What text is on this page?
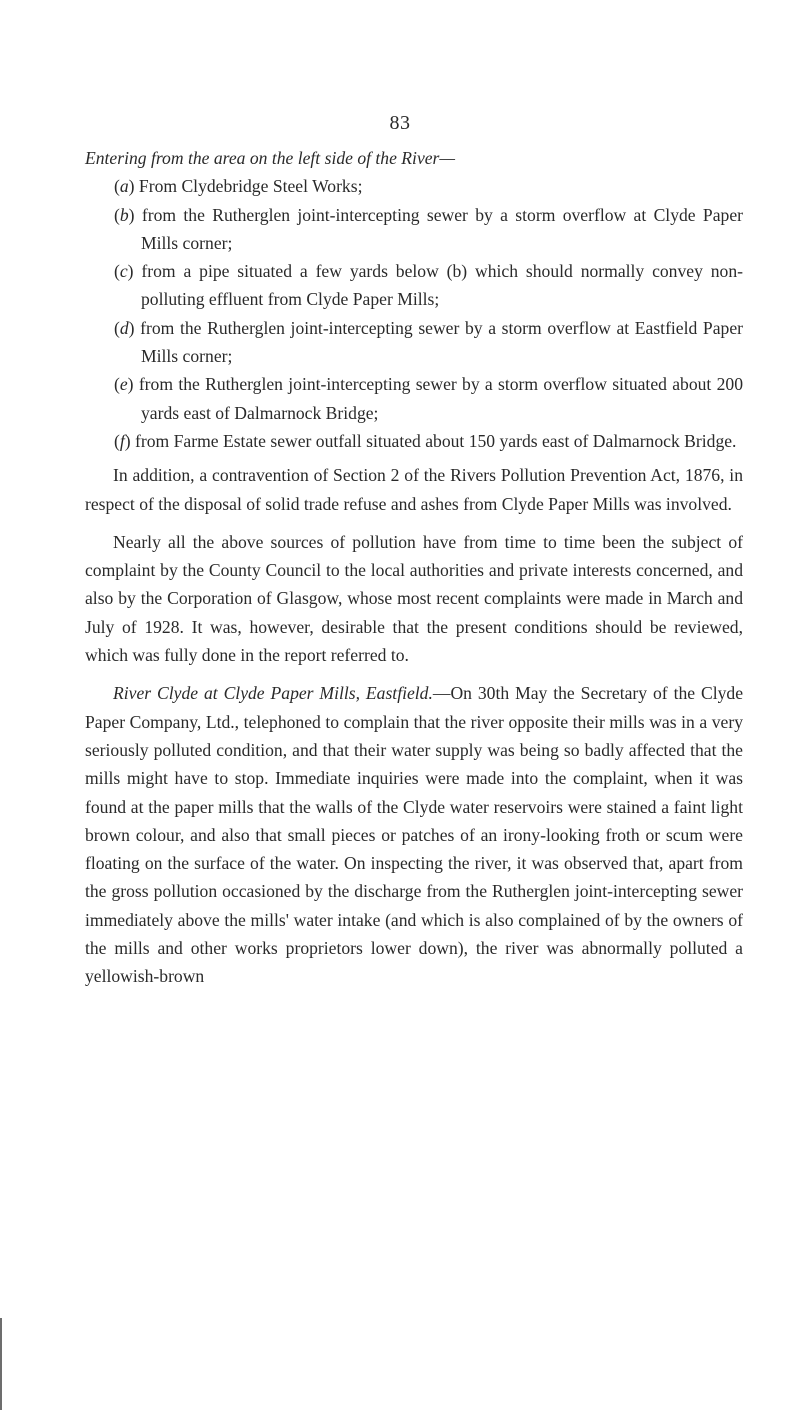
83

Entering from the area on the left side of the River—

(a) From Clydebridge Steel Works;
(b) from the Rutherglen joint-intercepting sewer by a storm overflow at Clyde Paper Mills corner;
(c) from a pipe situated a few yards below (b) which should normally convey non-polluting effluent from Clyde Paper Mills;
(d) from the Rutherglen joint-intercepting sewer by a storm overflow at Eastfield Paper Mills corner;
(e) from the Rutherglen joint-intercepting sewer by a storm overflow situated about 200 yards east of Dalmarnock Bridge;
(f) from Farme Estate sewer outfall situated about 150 yards east of Dalmarnock Bridge.

In addition, a contravention of Section 2 of the Rivers Pollution Prevention Act, 1876, in respect of the disposal of solid trade refuse and ashes from Clyde Paper Mills was involved.

Nearly all the above sources of pollution have from time to time been the subject of complaint by the County Council to the local authorities and private interests concerned, and also by the Corporation of Glasgow, whose most recent complaints were made in March and July of 1928. It was, however, desirable that the present conditions should be reviewed, which was fully done in the report referred to.

River Clyde at Clyde Paper Mills, Eastfield.—On 30th May the Secretary of the Clyde Paper Company, Ltd., telephoned to complain that the river opposite their mills was in a very seriously polluted condition, and that their water supply was being so badly affected that the mills might have to stop. Immediate inquiries were made into the complaint, when it was found at the paper mills that the walls of the Clyde water reservoirs were stained a faint light brown colour, and also that small pieces or patches of an irony-looking froth or scum were floating on the surface of the water. On inspecting the river, it was observed that, apart from the gross pollution occasioned by the discharge from the Rutherglen joint-intercepting sewer immediately above the mills' water intake (and which is also complained of by the owners of the mills and other works proprietors lower down), the river was abnormally polluted a yellowish-brown
